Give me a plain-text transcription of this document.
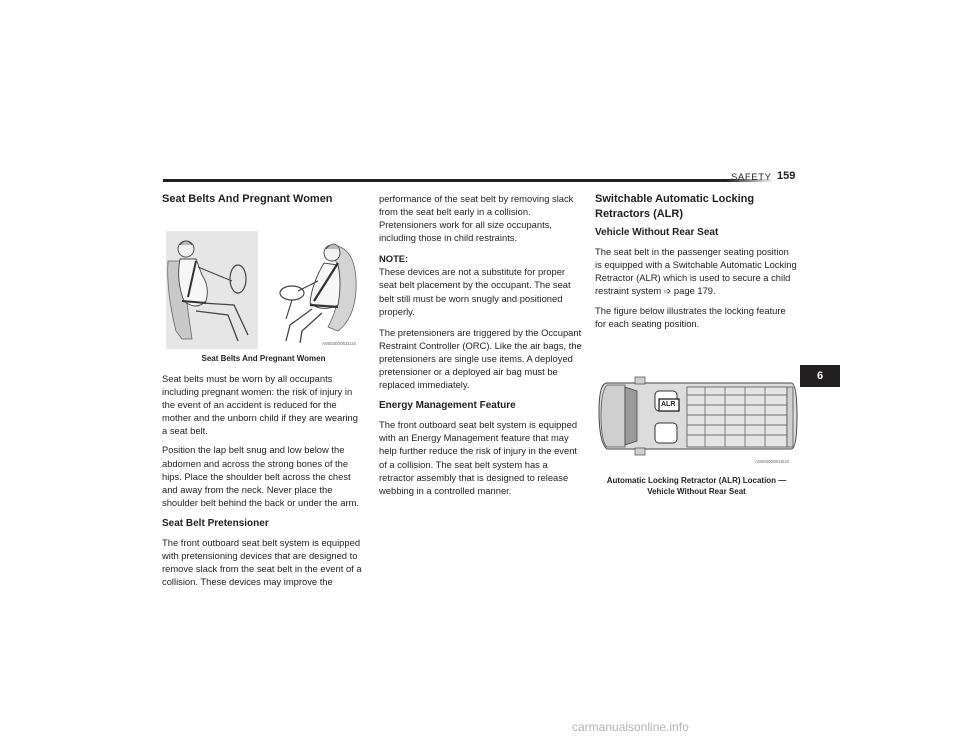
SAFETY 159
Seat Belts And Pregnant Women
A0503000631US
Seat Belts And Pregnant Women

Seat belts must be worn by all occupants including pregnant women: the risk of injury in the event of an accident is reduced for the mother and the unborn child if they are wearing a seat belt.

Position the lap belt snug and low below the abdomen and across the strong bones of the hips. Place the shoulder belt across the chest and away from the neck. Never place the shoulder belt behind the back or under the arm.

Seat Belt Pretensioner

The front outboard seat belt system is equipped with pretensioning devices that are designed to remove slack from the seat belt in the event of a collision. These devices may improve the

performance of the seat belt by removing slack from the seat belt early in a collision. Pretensioners work for all size occupants, including those in child restraints.

NOTE:

These devices are not a substitute for proper seat belt placement by the occupant. The seat belt still must be worn snugly and positioned properly.

The pretensioners are triggered by the Occupant Restraint Controller (ORC). Like the air bags, the pretensioners are single use items. A deployed pretensioner or a deployed air bag must be replaced immediately.

Energy Management Feature

The front outboard seat belt system is equipped with an Energy Management feature that may help further reduce the risk of injury in the event of a collision. The seat belt system has a retractor assembly that is designed to release webbing in a controlled manner.

Switchable Automatic Locking Retractors (ALR)
Vehicle Without Rear Seat

The seat belt in the passenger seating position is equipped with a Switchable Automatic Locking Retractor (ALR) which is used to secure a child restraint system ➩ page 179.

The figure below illustrates the locking feature for each seating position.

ALR
A0503000615US
Automatic Locking Retractor (ALR) Location — Vehicle Without Rear Seat
6
carmanualsonline.info
